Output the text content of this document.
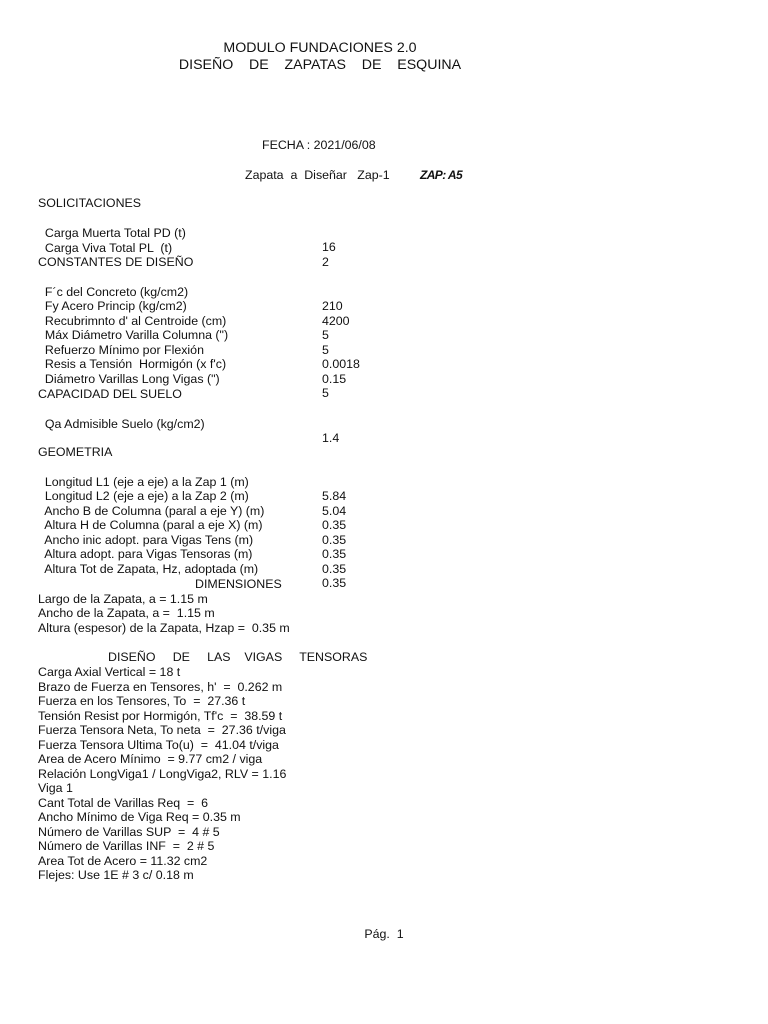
MODULO FUNDACIONES 2.0
DISEÑO    DE    ZAPATAS    DE    ESQUINA
FECHA : 2021/06/08
Zapata  a  Diseñar   Zap-1	ZAP: A5
SOLICITACIONES

Carga Muerta Total PD (t)

16

Carga Viva Total PL  (t)

2

CONSTANTES DE DISEÑO

F´c del Concreto (kg/cm2)

210

Fy Acero Princip (kg/cm2)

4200

Recubrimnto d' al Centroide (cm)

5

Máx Diámetro Varilla Columna (")

5

Refuerzo Mínimo por Flexión

0.0018

Resis a Tensión  Hormigón (x f'c)

0.15

Diámetro Varillas Long Vigas (")

5

CAPACIDAD DEL SUELO

Qa Admisible Suelo (kg/cm2)

1.4

GEOMETRIA

Longitud L1 (eje a eje) a la Zap 1 (m)

5.84

Longitud L2 (eje a eje) a la Zap 2 (m)

5.04

Ancho B de Columna (paral a eje Y) (m)

0.35

Altura H de Columna (paral a eje X) (m)

0.35

Ancho inic adopt. para Vigas Tens (m)

0.35

Altura adopt. para Vigas Tensoras (m)

0.35

Altura Tot de Zapata, Hz, adoptada (m)

0.35

DIMENSIONES
Largo de la Zapata, a = 1.15 m
Ancho de la Zapata, a =  1.15 m
Altura (espesor) de la Zapata, Hzap =  0.35 m
DISEÑO     DE     LAS    VIGAS     TENSORAS
Carga Axial Vertical = 18 t
Brazo de Fuerza en Tensores, h'  =  0.262 m
Fuerza en los Tensores, To  =  27.36 t
Tensión Resist por Hormigón, Tf'c  =  38.59 t
Fuerza Tensora Neta, To neta  =  27.36 t/viga
Fuerza Tensora Ultima To(u)  =  41.04 t/viga
Area de Acero Mínimo  = 9.77 cm2 / viga
Relación LongViga1 / LongViga2, RLV = 1.16
Viga 1
Cant Total de Varillas Req  =  6
Ancho Mínimo de Viga Req = 0.35 m
Número de Varillas SUP  =  4 # 5
Número de Varillas INF  =  2 # 5
Area Tot de Acero = 11.32 cm2
Flejes: Use 1E # 3 c/ 0.18 m
Pág.  1
